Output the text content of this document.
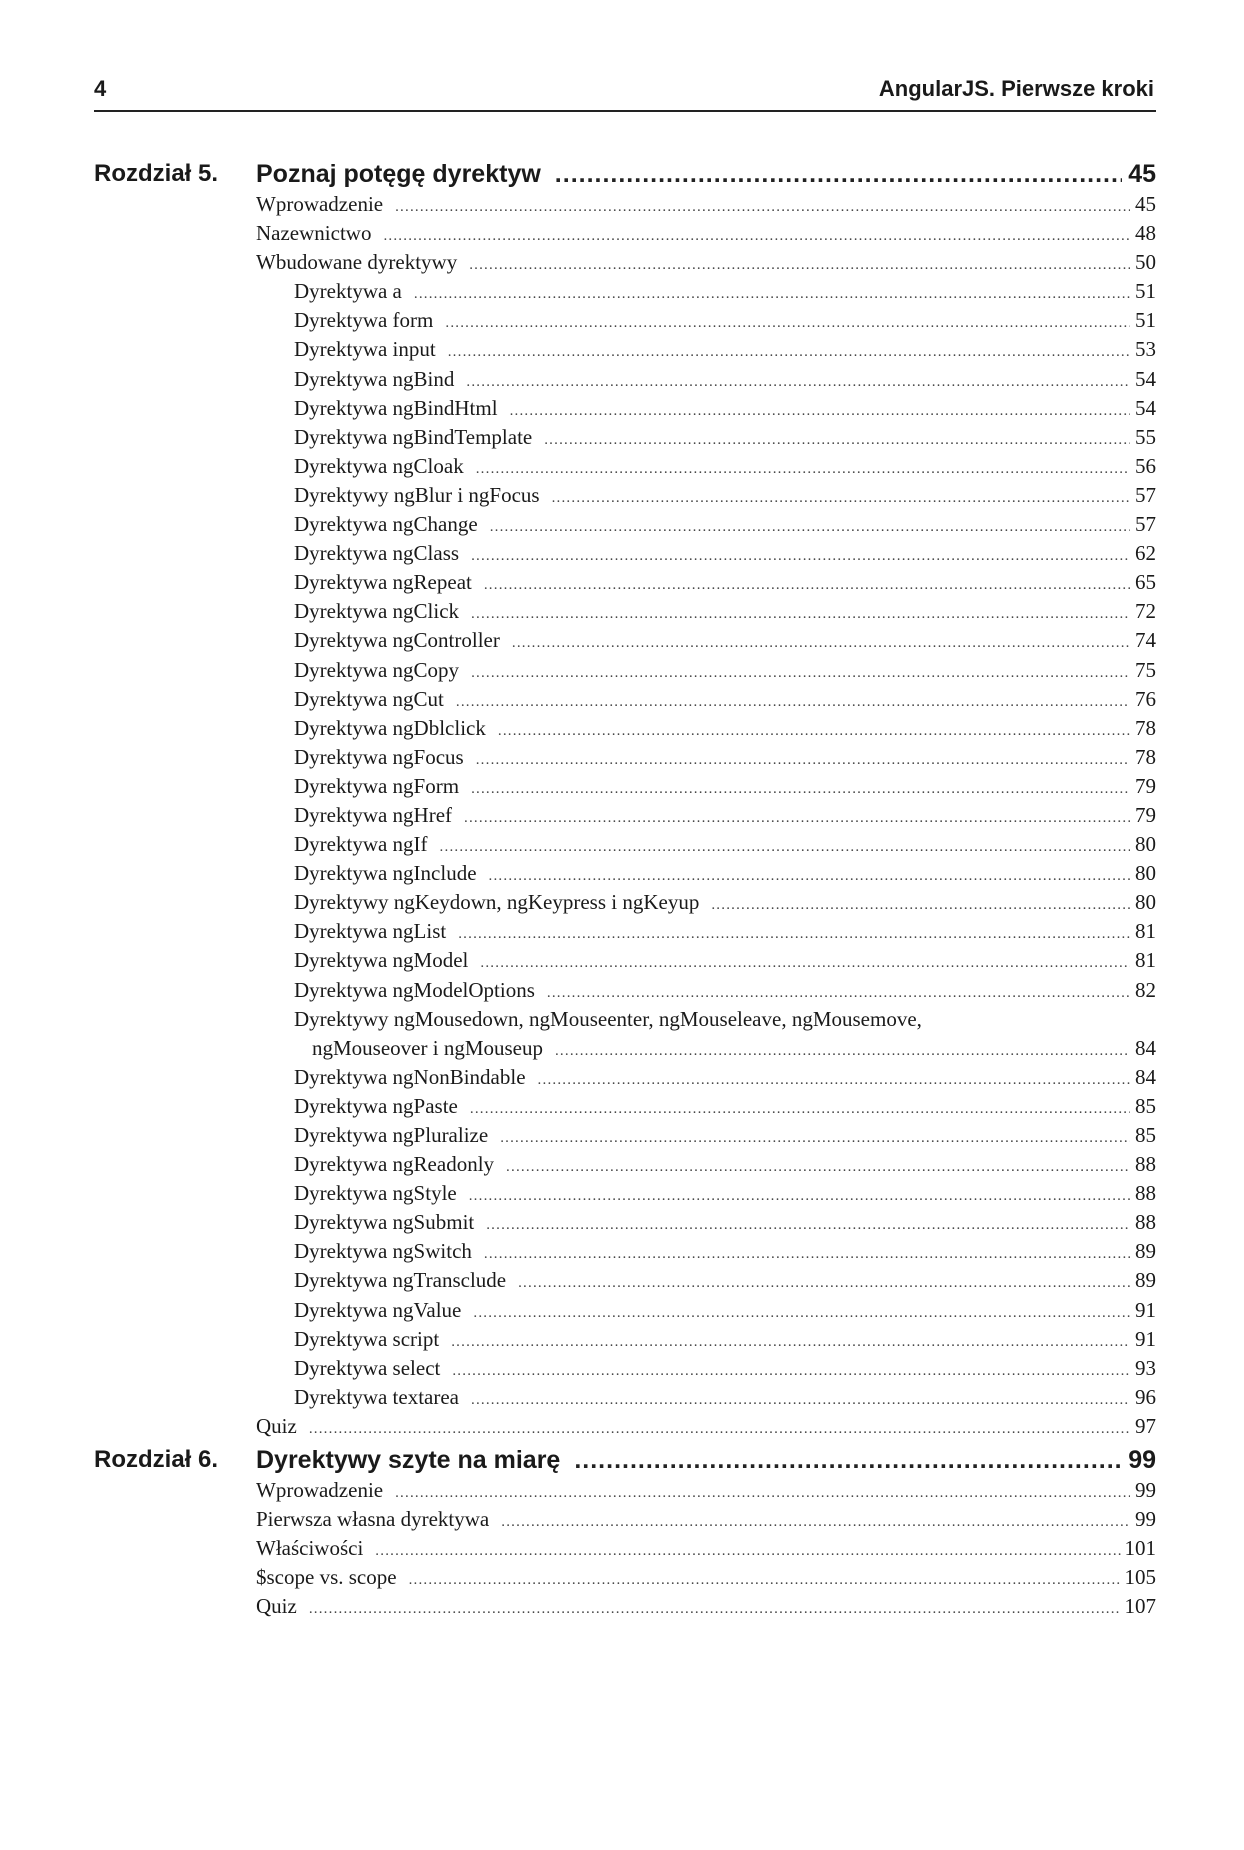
4	AngularJS. Pierwsze kroki
Rozdział 5. Poznaj potęgę dyrektyw .....	45
Wprowadzenie .....	45
Nazewnictwo .....	48
Wbudowane dyrektywy .....	50
Dyrektywa a .....	51
Dyrektywa form .....	51
Dyrektywa input .....	53
Dyrektywa ngBind .....	54
Dyrektywa ngBindHtml .....	54
Dyrektywa ngBindTemplate .....	55
Dyrektywa ngCloak .....	56
Dyrektywy ngBlur i ngFocus .....	57
Dyrektywa ngChange .....	57
Dyrektywa ngClass .....	62
Dyrektywa ngRepeat .....	65
Dyrektywa ngClick .....	72
Dyrektywa ngController .....	74
Dyrektywa ngCopy .....	75
Dyrektywa ngCut .....	76
Dyrektywa ngDblclick .....	78
Dyrektywa ngFocus .....	78
Dyrektywa ngForm .....	79
Dyrektywa ngHref .....	79
Dyrektywa ngIf .....	80
Dyrektywa ngInclude .....	80
Dyrektywy ngKeydown, ngKeypress i ngKeyup .....	80
Dyrektywa ngList .....	81
Dyrektywa ngModel .....	81
Dyrektywa ngModelOptions .....	82
Dyrektywy ngMousedown, ngMouseenter, ngMouseleave, ngMousemove,
ngMouseover i ngMouseup .....	84
Dyrektywa ngNonBindable .....	84
Dyrektywa ngPaste .....	85
Dyrektywa ngPluralize .....	85
Dyrektywa ngReadonly .....	88
Dyrektywa ngStyle .....	88
Dyrektywa ngSubmit .....	88
Dyrektywa ngSwitch .....	89
Dyrektywa ngTransclude .....	89
Dyrektywa ngValue .....	91
Dyrektywa script .....	91
Dyrektywa select .....	93
Dyrektywa textarea .....	96
Quiz .....	97
Rozdział 6. Dyrektywy szyte na miarę .....	99
Wprowadzenie .....	99
Pierwsza własna dyrektywa .....	99
Właściwości .....	101
$scope vs. scope .....	105
Quiz .....	107
